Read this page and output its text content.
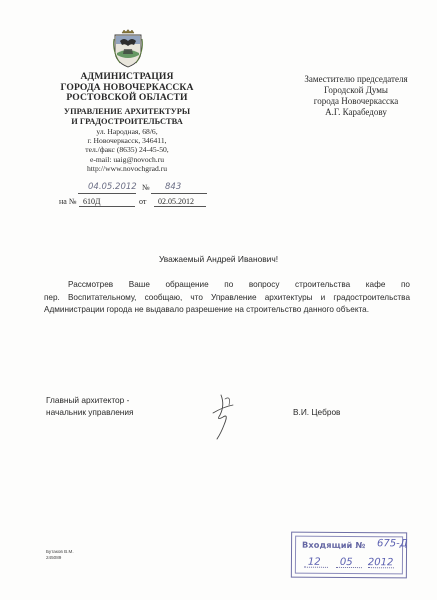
АДМИНИСТРАЦИЯ
ГОРОДА НОВОЧЕРКАССКА
РОСТОВСКОЙ ОБЛАСТИ
УПРАВЛЕНИЕ АРХИТЕКТУРЫ
И ГРАДОСТРОИТЕЛЬСТВА
ул. Народная, 68/6,
г. Новочеркасск, 346411,
тел./факс (8635) 24-45-50,
e-mail: uaig@novoch.ru
http://www.novochgrad.ru
Заместителю председателя
Городской Думы
города Новочеркасска
А.Г. Карабедову
04.05.2012 № 843
на № 610Д	от	02.05.2012
Уважаемый Андрей Иванович!
Рассмотрев Ваше обращение по вопросу строительства кафе по
пер. Воспитательному, сообщаю, что Управление архитектуры и градостроительства Администрации города не выдавало разрешение на строительство данного объекта.
Главный архитектор -
начальник управления	В.И. Цебров
Бутаков В.М.
245089
Входящий № 675-Д
12 05 2012
